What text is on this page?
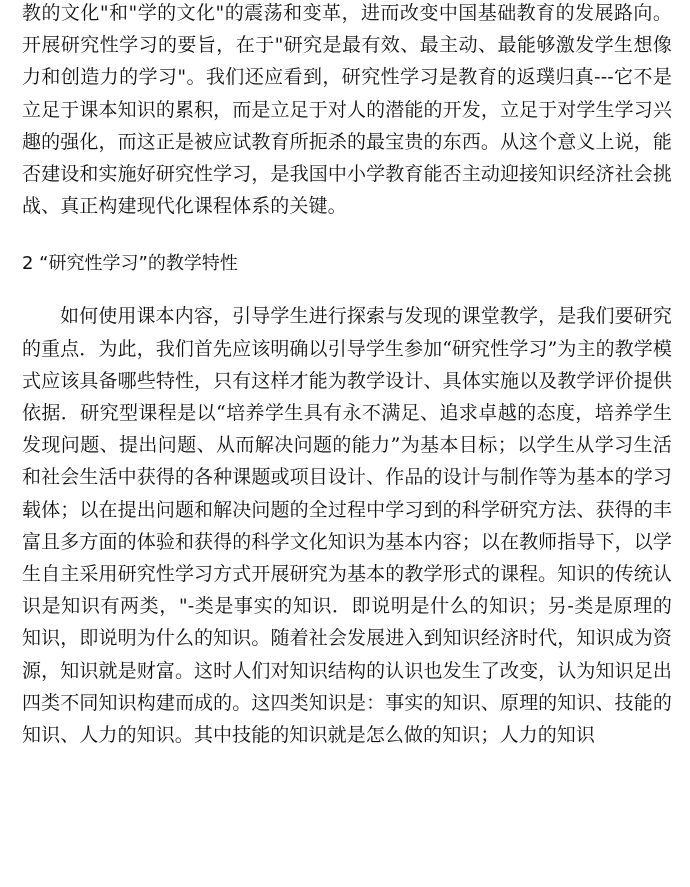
教的文化"和"学的文化"的震荡和变革，进而改变中国基础教育的发展路向。开展研究性学习的要旨，在于"研究是最有效、最主动、最能够激发学生想像力和创造力的学习"。我们还应看到，研究性学习是教育的返璞归真---它不是立足于课本知识的累积，而是立足于对人的潜能的开发，立足于对学生学习兴趣的强化，而这正是被应试教育所扼杀的最宝贵的东西。从这个意义上说，能否建设和实施好研究性学习，是我国中小学教育能否主动迎接知识经济社会挑战、真正构建现代化课程体系的关键。

2 “研究性学习”的教学特性

如何使用课本内容，引导学生进行探索与发现的课堂教学，是我们要研究的重点．为此，我们首先应该明确以引导学生参加“研究性学习”为主的教学模式应该具备哪些特性，只有这样才能为教学设计、具体实施以及教学评价提供依据．研究型课程是以“培养学生具有永不满足、追求卓越的态度，培养学生发现问题、提出问题、从而解决问题的能力”为基本目标；以学生从学习生活和社会生活中获得的各种课题或项目设计、作品的设计与制作等为基本的学习载体；以在提出问题和解决问题的全过程中学习到的科学研究方法、获得的丰富且多方面的体验和获得的科学文化知识为基本内容；以在教师指导下，以学生自主采用研究性学习方式开展研究为基本的教学形式的课程。知识的传统认识是知识有两类，"-类是事实的知识．即说明是什么的知识；另-类是原理的知识，即说明为什么的知识。随着社会发展进入到知识经济时代，知识成为资源，知识就是财富。这时人们对知识结构的认识也发生了改变，认为知识足出四类不同知识构建而成的。这四类知识是：事实的知识、原理的知识、技能的知识、人力的知识。其中技能的知识就是怎么做的知识；人力的知识
